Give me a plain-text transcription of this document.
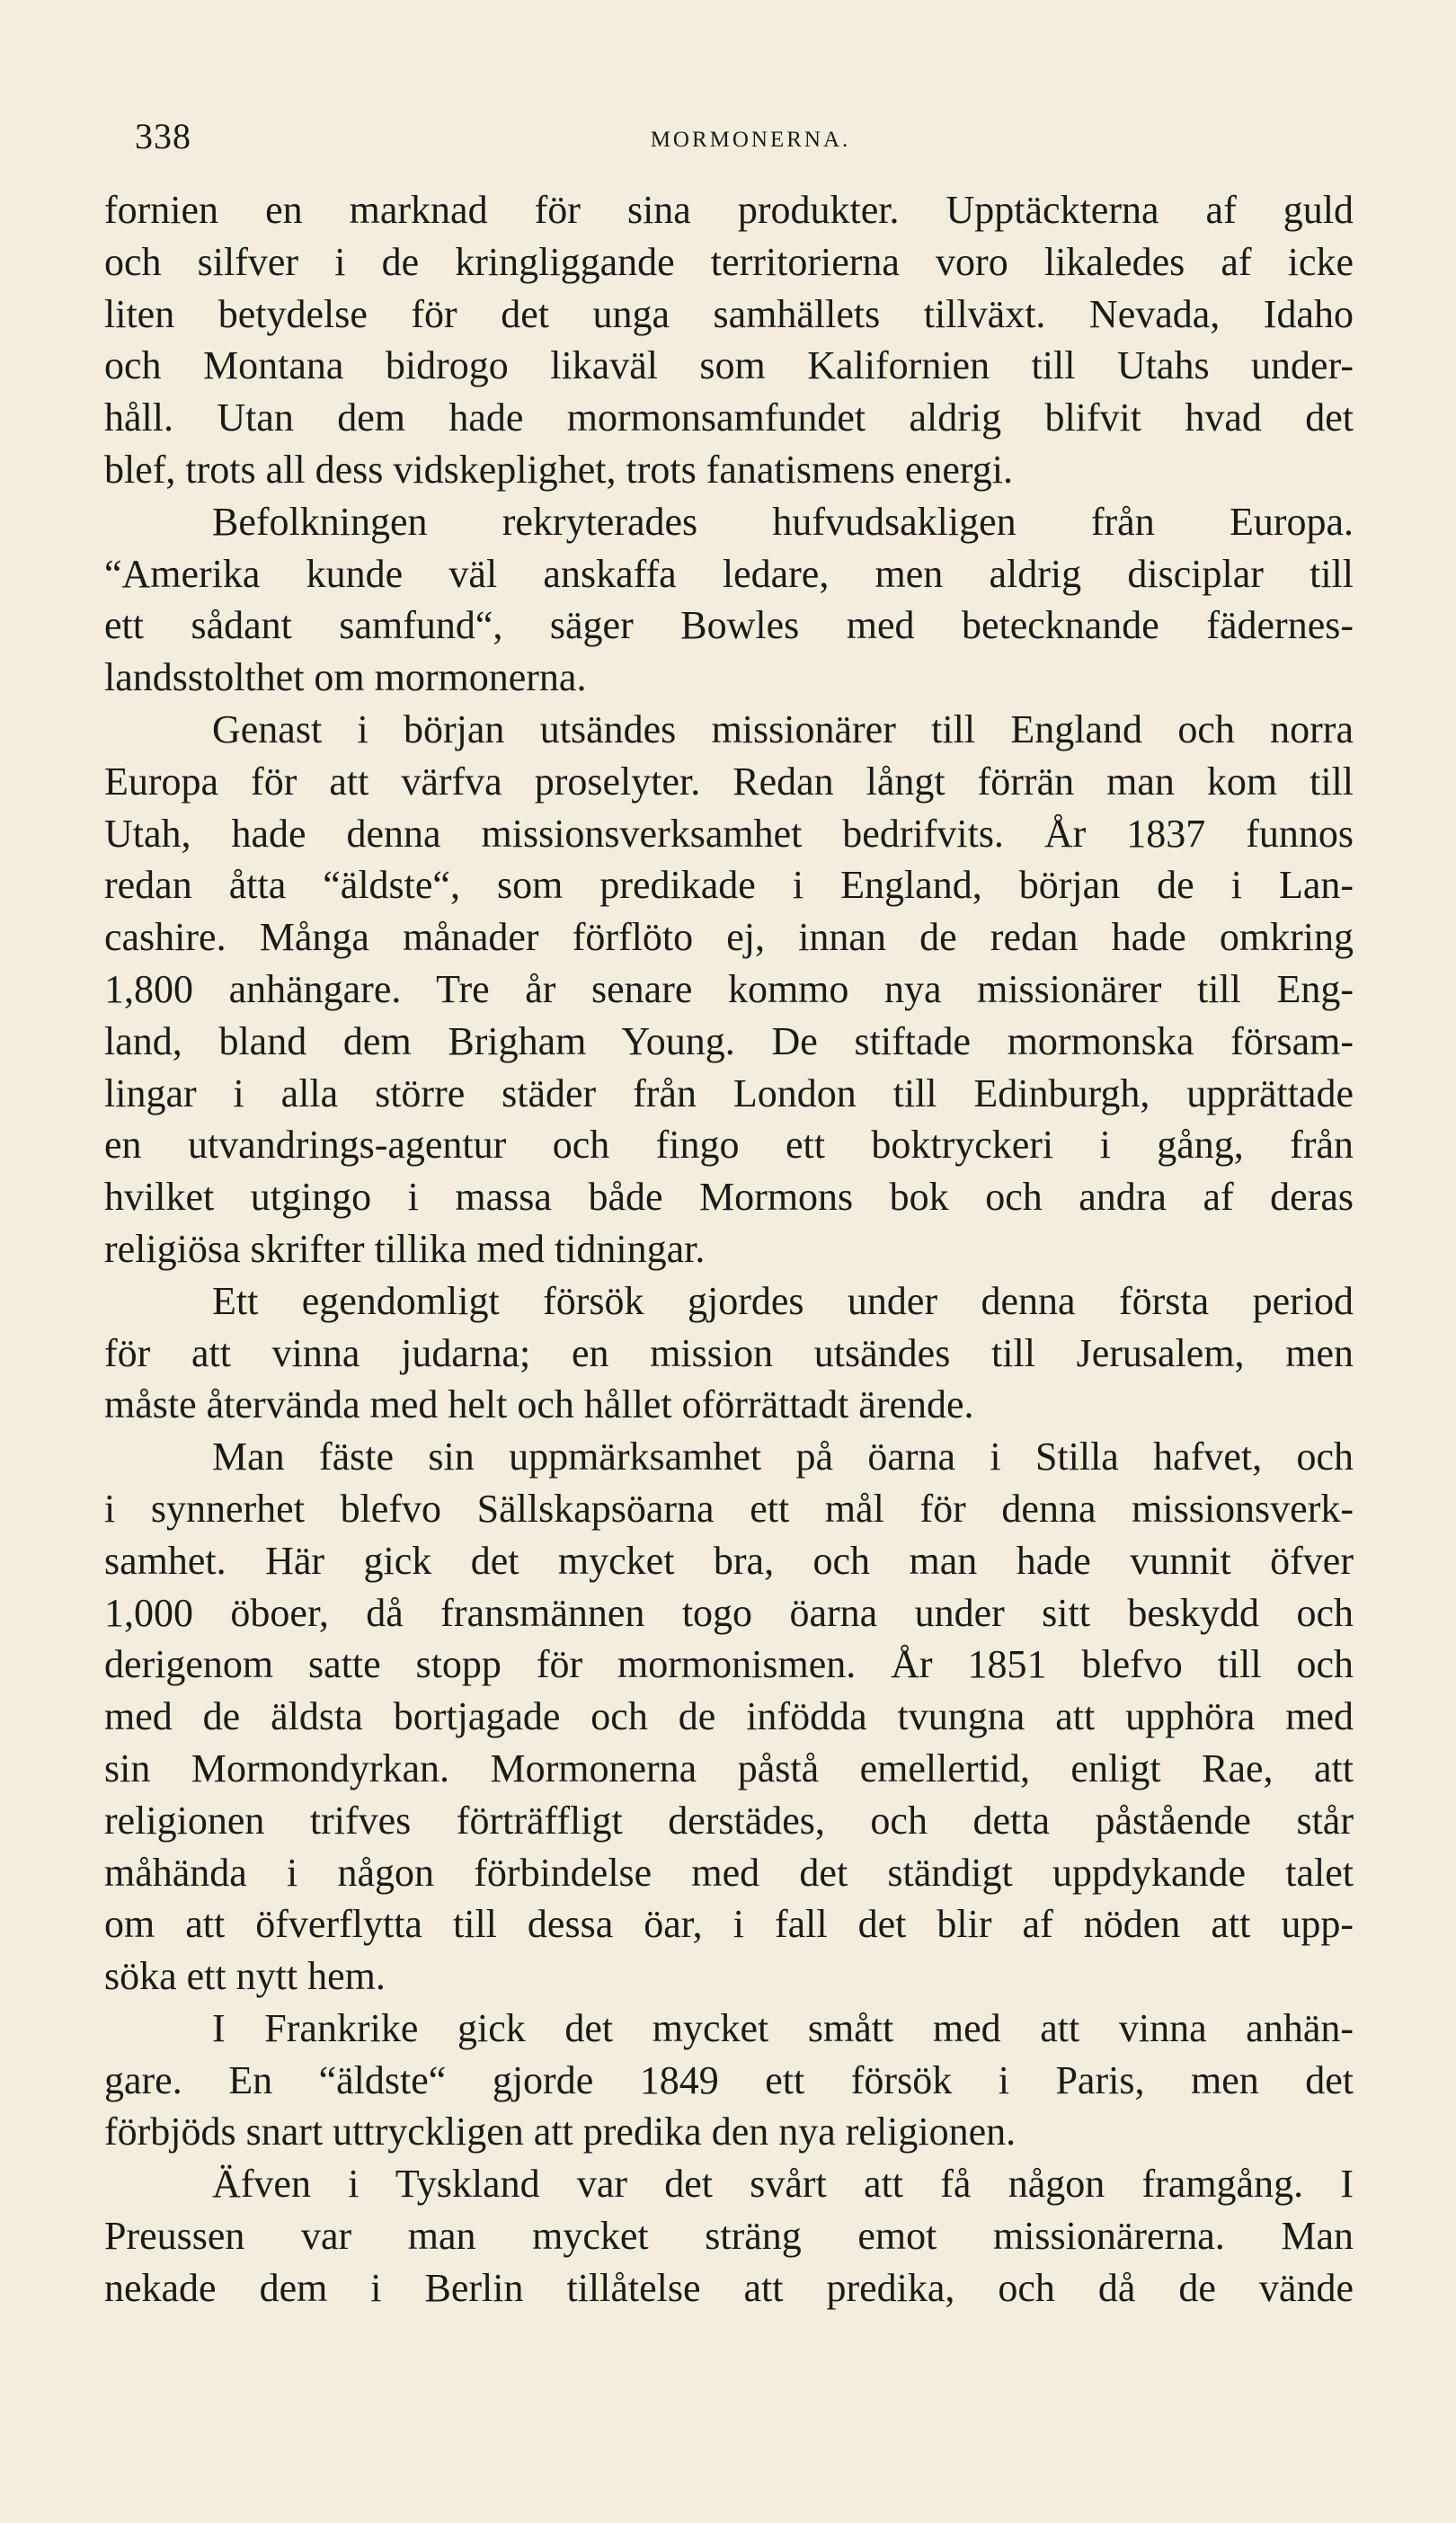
338	MORMONERNA.
fornien en marknad för sina produkter. Upptäckterna af guld
och silfver i de kringliggande territorierna voro likaledes af icke
liten betydelse för det unga samhällets tillväxt. Nevada, Idaho
och Montana bidrogo likaväl som Kalifornien till Utahs under-
håll. Utan dem hade mormonsamfundet aldrig blifvit hvad det
blef, trots all dess vidskeplighet, trots fanatismens energi.
Befolkningen rekryterades hufvudsakligen från Europa.
“Amerika kunde väl anskaffa ledare, men aldrig disciplar till
ett sådant samfund“, säger Bowles med betecknande fädernes-
landsstolthet om mormonerna.
Genast i början utsändes missionärer till England och norra
Europa för att värfva proselyter. Redan långt förrän man kom till
Utah, hade denna missionsverksamhet bedrifvits. År 1837 funnos
redan åtta “äldste“, som predikade i England, början de i Lan-
cashire. Många månader förflöto ej, innan de redan hade omkring
1,800 anhängare. Tre år senare kommo nya missionärer till Eng-
land, bland dem Brigham Young. De stiftade mormonska försam-
lingar i alla större städer från London till Edinburgh, upprättade
en utvandrings-agentur och fingo ett boktryckeri i gång, från
hvilket utgingo i massa både Mormons bok och andra af deras
religiösa skrifter tillika med tidningar.
Ett egendomligt försök gjordes under denna första period
för att vinna judarna; en mission utsändes till Jerusalem, men
måste återvända med helt och hållet oförrättadt ärende.
Man fäste sin uppmärksamhet på öarna i Stilla hafvet, och
i synnerhet blefvo Sällskapsöarna ett mål för denna missionsverk-
samhet. Här gick det mycket bra, och man hade vunnit öfver
1,000 öboer, då fransmännen togo öarna under sitt beskydd och
derigenom satte stopp för mormonismen. År 1851 blefvo till och
med de äldsta bortjagade och de infödda tvungna att upphöra med
sin Mormondyrkan. Mormonerna påstå emellertid, enligt Rae, att
religionen trifves förträffligt derstädes, och detta påstående står
måhända i någon förbindelse med det ständigt uppdykande talet
om att öfverflytta till dessa öar, i fall det blir af nöden att upp-
söka ett nytt hem.
I Frankrike gick det mycket smått med att vinna anhän-
gare. En “äldste“ gjorde 1849 ett försök i Paris, men det
förbjöds snart uttryckligen att predika den nya religionen.
Äfven i Tyskland var det svårt att få någon framgång. I
Preussen var man mycket sträng emot missionärerna. Man
nekade dem i Berlin tillåtelse att predika, och då de vände
